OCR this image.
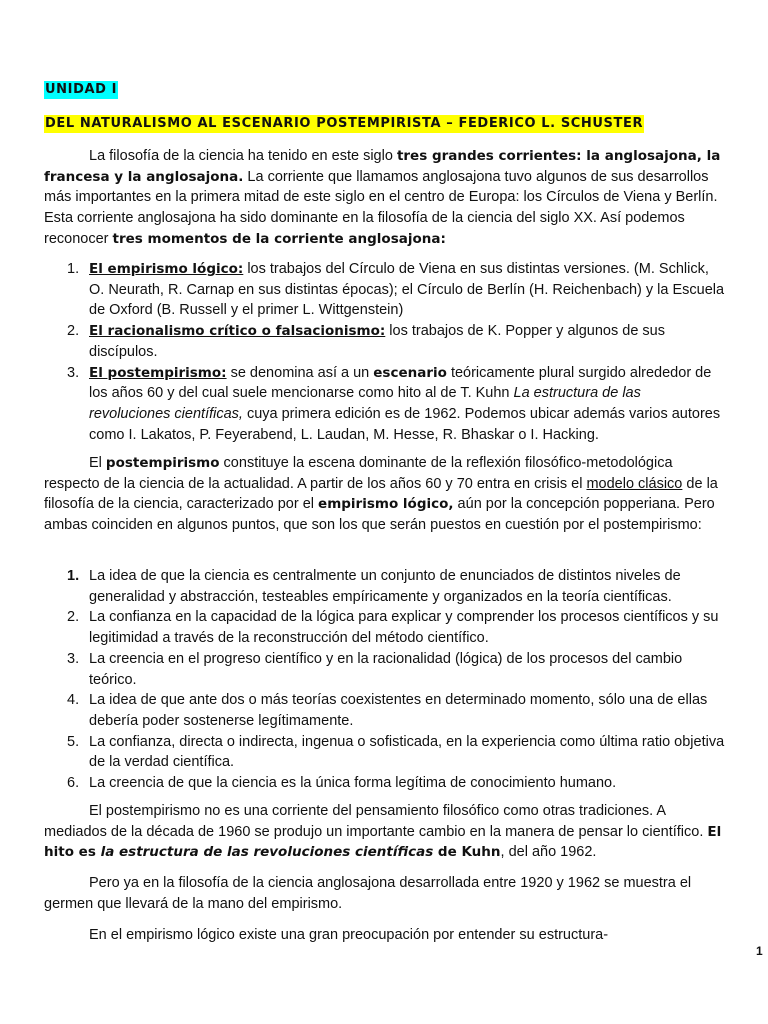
UNIDAD I
DEL NATURALISMO AL ESCENARIO POSTEMPIRISTA – FEDERICO L. SCHUSTER

La filosofía de la ciencia ha tenido en este siglo tres grandes corrientes: la anglosajona, la francesa y la anglosajona. La corriente que llamamos anglosajona tuvo algunos de sus desarrollos más importantes en la primera mitad de este siglo en el centro de Europa: los Círculos de Viena y Berlín. Esta corriente anglosajona ha sido dominante en la filosofía de la ciencia del siglo XX. Así podemos reconocer tres momentos de la corriente anglosajona:

1. El empirismo lógico: los trabajos del Círculo de Viena en sus distintas versiones. (M. Schlick, O. Neurath, R. Carnap en sus distintas épocas); el Círculo de Berlín (H. Reichenbach) y la Escuela de Oxford (B. Russell y el primer L. Wittgenstein)
2. El racionalismo crítico o falsacionismo: los trabajos de K. Popper y algunos de sus discípulos.
3. El postempirismo: se denomina así a un escenario teóricamente plural surgido alrededor de los años 60 y del cual suele mencionarse como hito al de T. Kuhn La estructura de las revoluciones científicas, cuya primera edición es de 1962. Podemos ubicar además varios autores como I. Lakatos, P. Feyerabend, L. Laudan, M. Hesse, R. Bhaskar o I. Hacking.

El postempirismo constituye la escena dominante de la reflexión filosófico-metodológica respecto de la ciencia de la actualidad. A partir de los años 60 y 70 entra en crisis el modelo clásico de la filosofía de la ciencia, caracterizado por el empirismo lógico, aún por la concepción popperiana. Pero ambas coinciden en algunos puntos, que son los que serán puestos en cuestión por el postempirismo:

1. La idea de que la ciencia es centralmente un conjunto de enunciados de distintos niveles de generalidad y abstracción, testeables empíricamente y organizados en la teoría científicas.
2. La confianza en la capacidad de la lógica para explicar y comprender los procesos científicos y su legitimidad a través de la reconstrucción del método científico.
3. La creencia en el progreso científico y en la racionalidad (lógica) de los procesos del cambio teórico.
4. La idea de que ante dos o más teorías coexistentes en determinado momento, sólo una de ellas debería poder sostenerse legítimamente.
5. La confianza, directa o indirecta, ingenua o sofisticada, en la experiencia como última ratio objetiva de la verdad científica.
6. La creencia de que la ciencia es la única forma legítima de conocimiento humano.

El postempirismo no es una corriente del pensamiento filosófico como otras tradiciones. A mediados de la década de 1960 se produjo un importante cambio en la manera de pensar lo científico. El hito es la estructura de las revoluciones científicas de Kuhn, del año 1962.

Pero ya en la filosofía de la ciencia anglosajona desarrollada entre 1920 y 1962 se muestra el germen que llevará de la mano del empirismo.

En el empirismo lógico existe una gran preocupación por entender su estructura-

1
